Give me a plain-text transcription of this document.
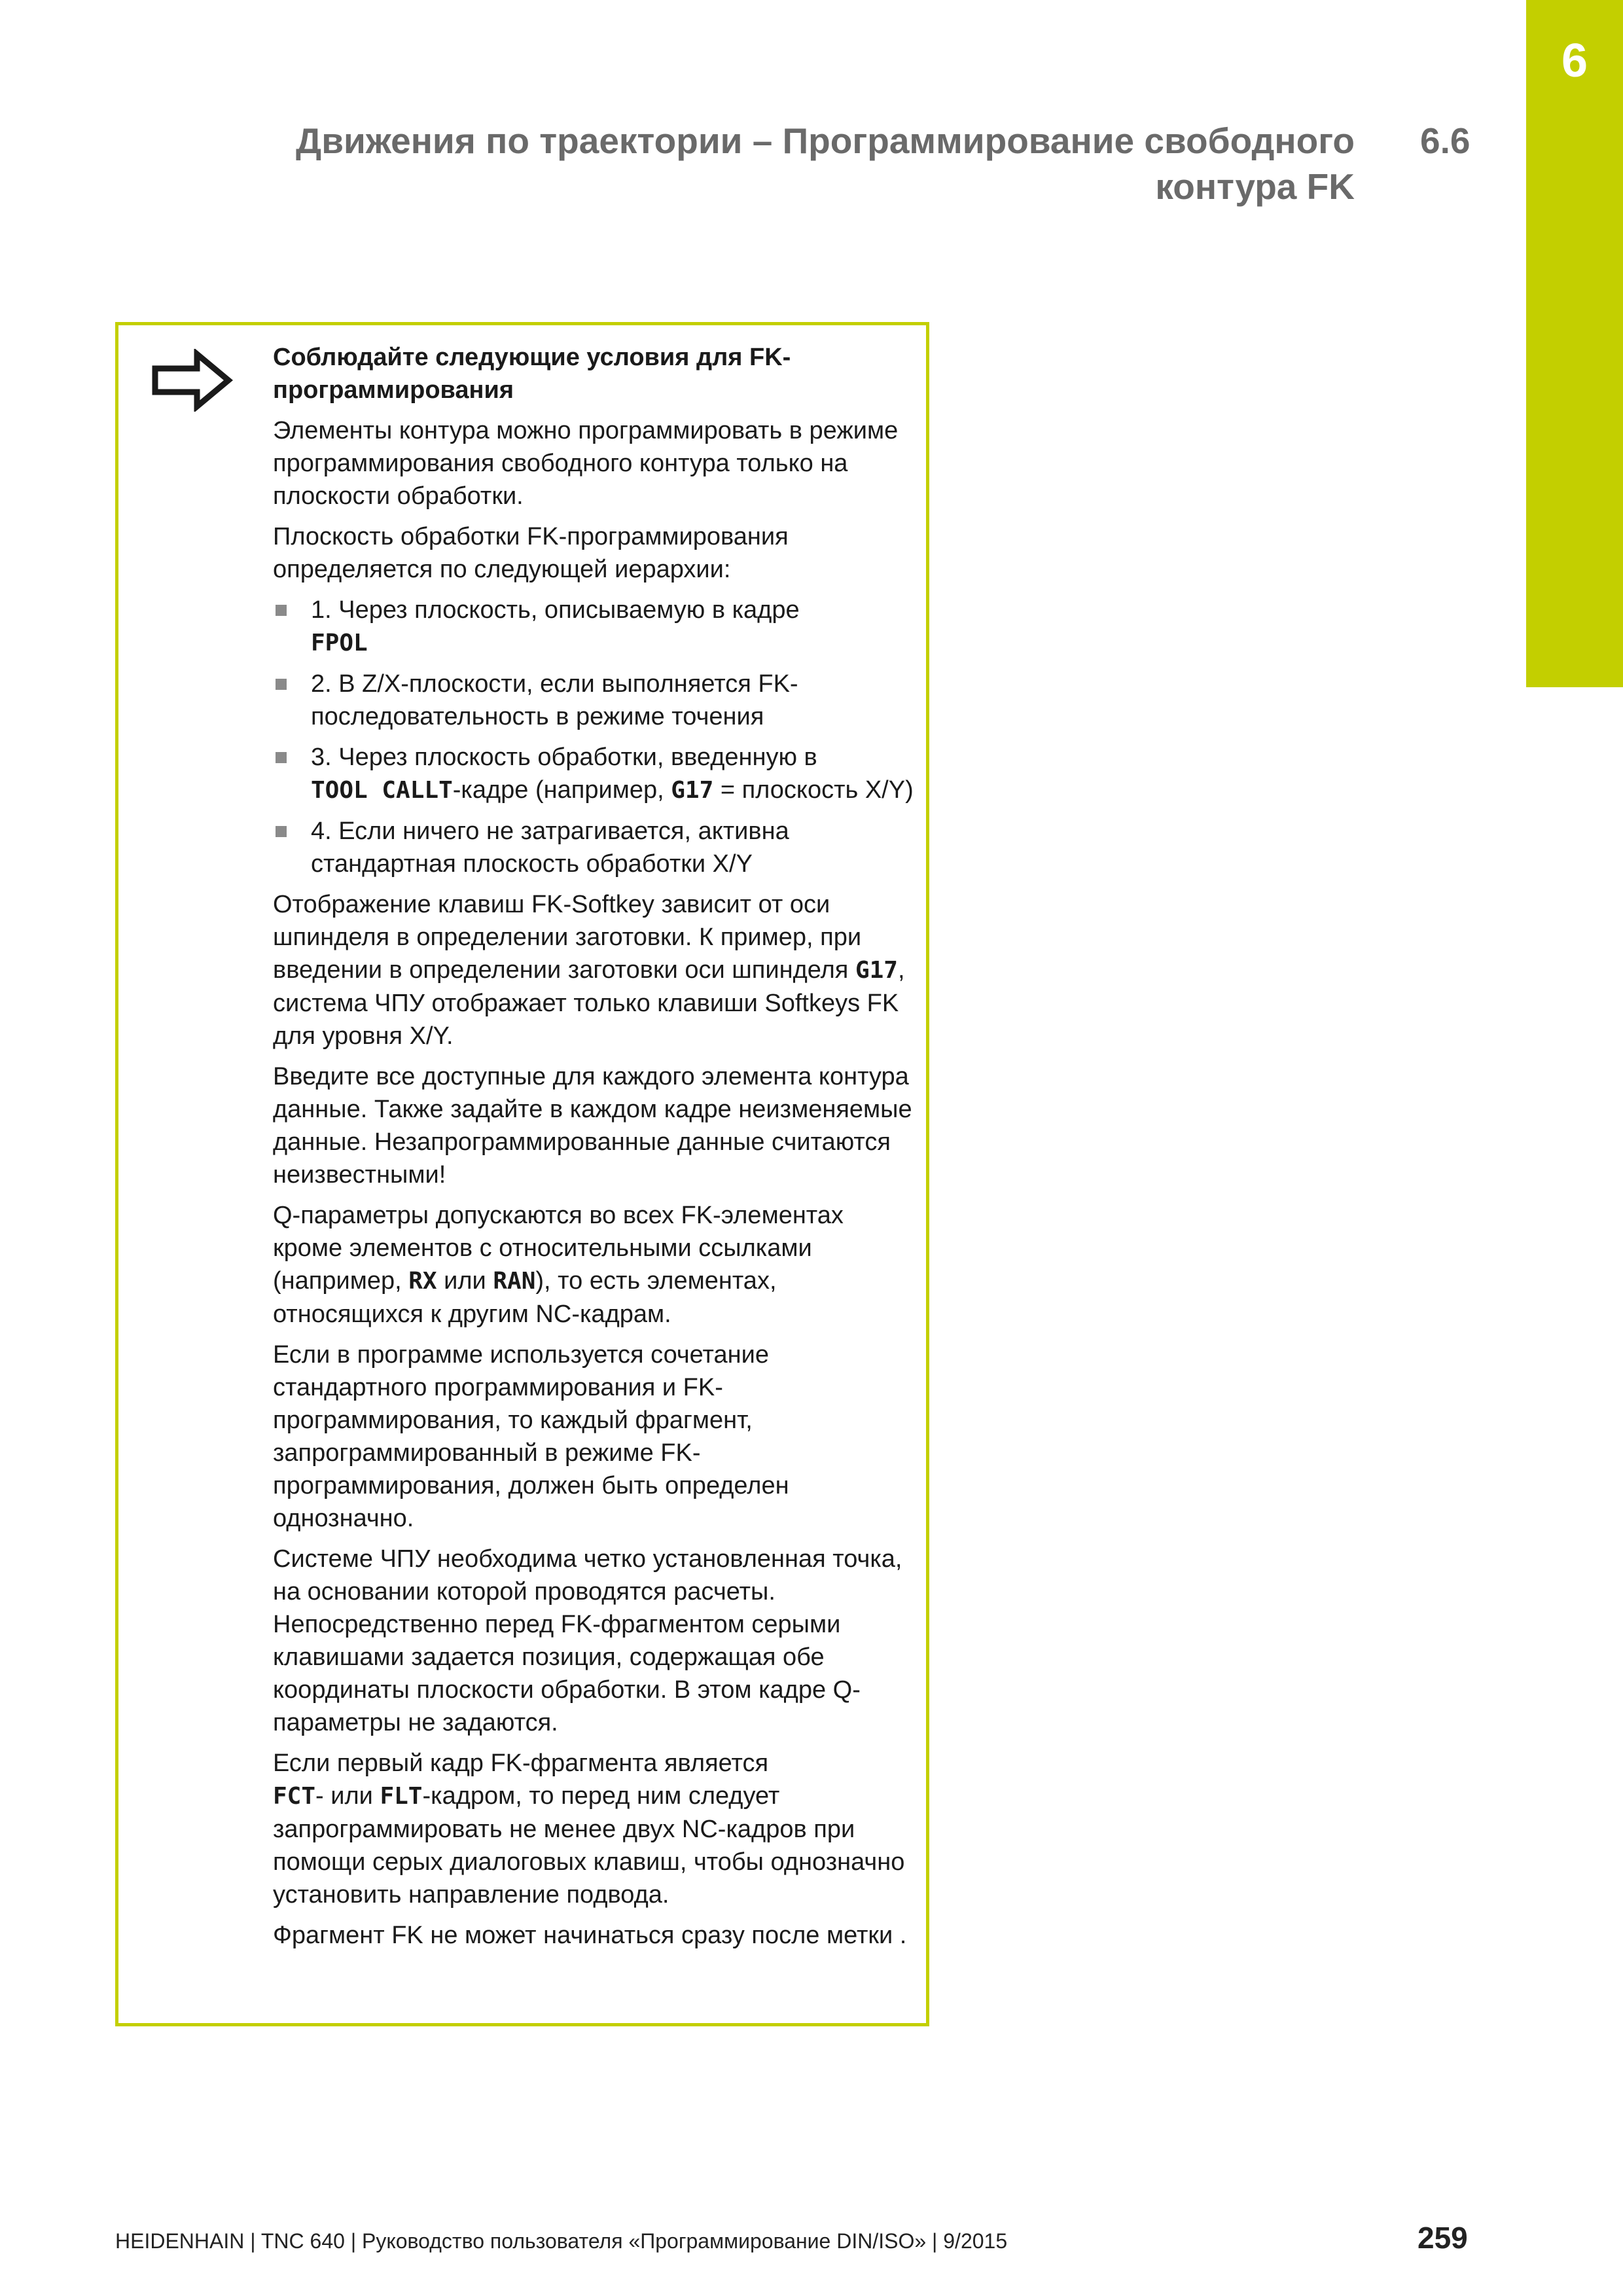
6
Движения по траектории – Программирование свободного
контура FK
6.6

Соблюдайте следующие условия для FK-
программирования

Элементы контура можно программировать в режиме программирования свободного контура только на плоскости обработки.

Плоскость обработки FK-программирования определяется по следующей иерархии:

1. Через плоскость, описываемую в кадре
FPOL
2. В Z/X-плоскости, если выполняется FK-последовательность в режиме точения
3. Через плоскость обработки, введенную в
TOOL CALLT-кадре (например, G17 = плоскость X/Y)
4. Если ничего не затрагивается, активна стандартная плоскость обработки X/Y

Отображение клавиш FK-Softkey зависит от оси шпинделя в определении заготовки. К пример, при введении в определении заготовки оси шпинделя G17, система ЧПУ отображает только клавиши Softkeys FK для уровня X/Y.

Введите все доступные для каждого элемента контура данные. Также задайте в каждом кадре неизменяемые данные. Незапрограммированные данные считаются неизвестными!

Q-параметры допускаются во всех FK-элементах кроме элементов с относительными ссылками (например, RX или RAN), то есть элементах, относящихся к другим NC-кадрам.

Если в программе используется сочетание стандартного программирования и FK-программирования, то каждый фрагмент, запрограммированный в режиме FK-программирования, должен быть определен однозначно.

Системе ЧПУ необходима четко установленная точка, на основании которой проводятся расчеты. Непосредственно перед FK-фрагментом серыми клавишами задается позиция, содержащая обе координаты плоскости обработки. В этом кадре Q-параметры не задаются.

Если первый кадр FK-фрагмента является
FCT- или FLT-кадром, то перед ним следует запрограммировать не менее двух NC-кадров при помощи серых диалоговых клавиш, чтобы однозначно установить направление подвода.

Фрагмент FK не может начинаться сразу после метки .

HEIDENHAIN | TNC 640 | Руководство пользователя «Программирование DIN/ISO» | 9/2015	259
